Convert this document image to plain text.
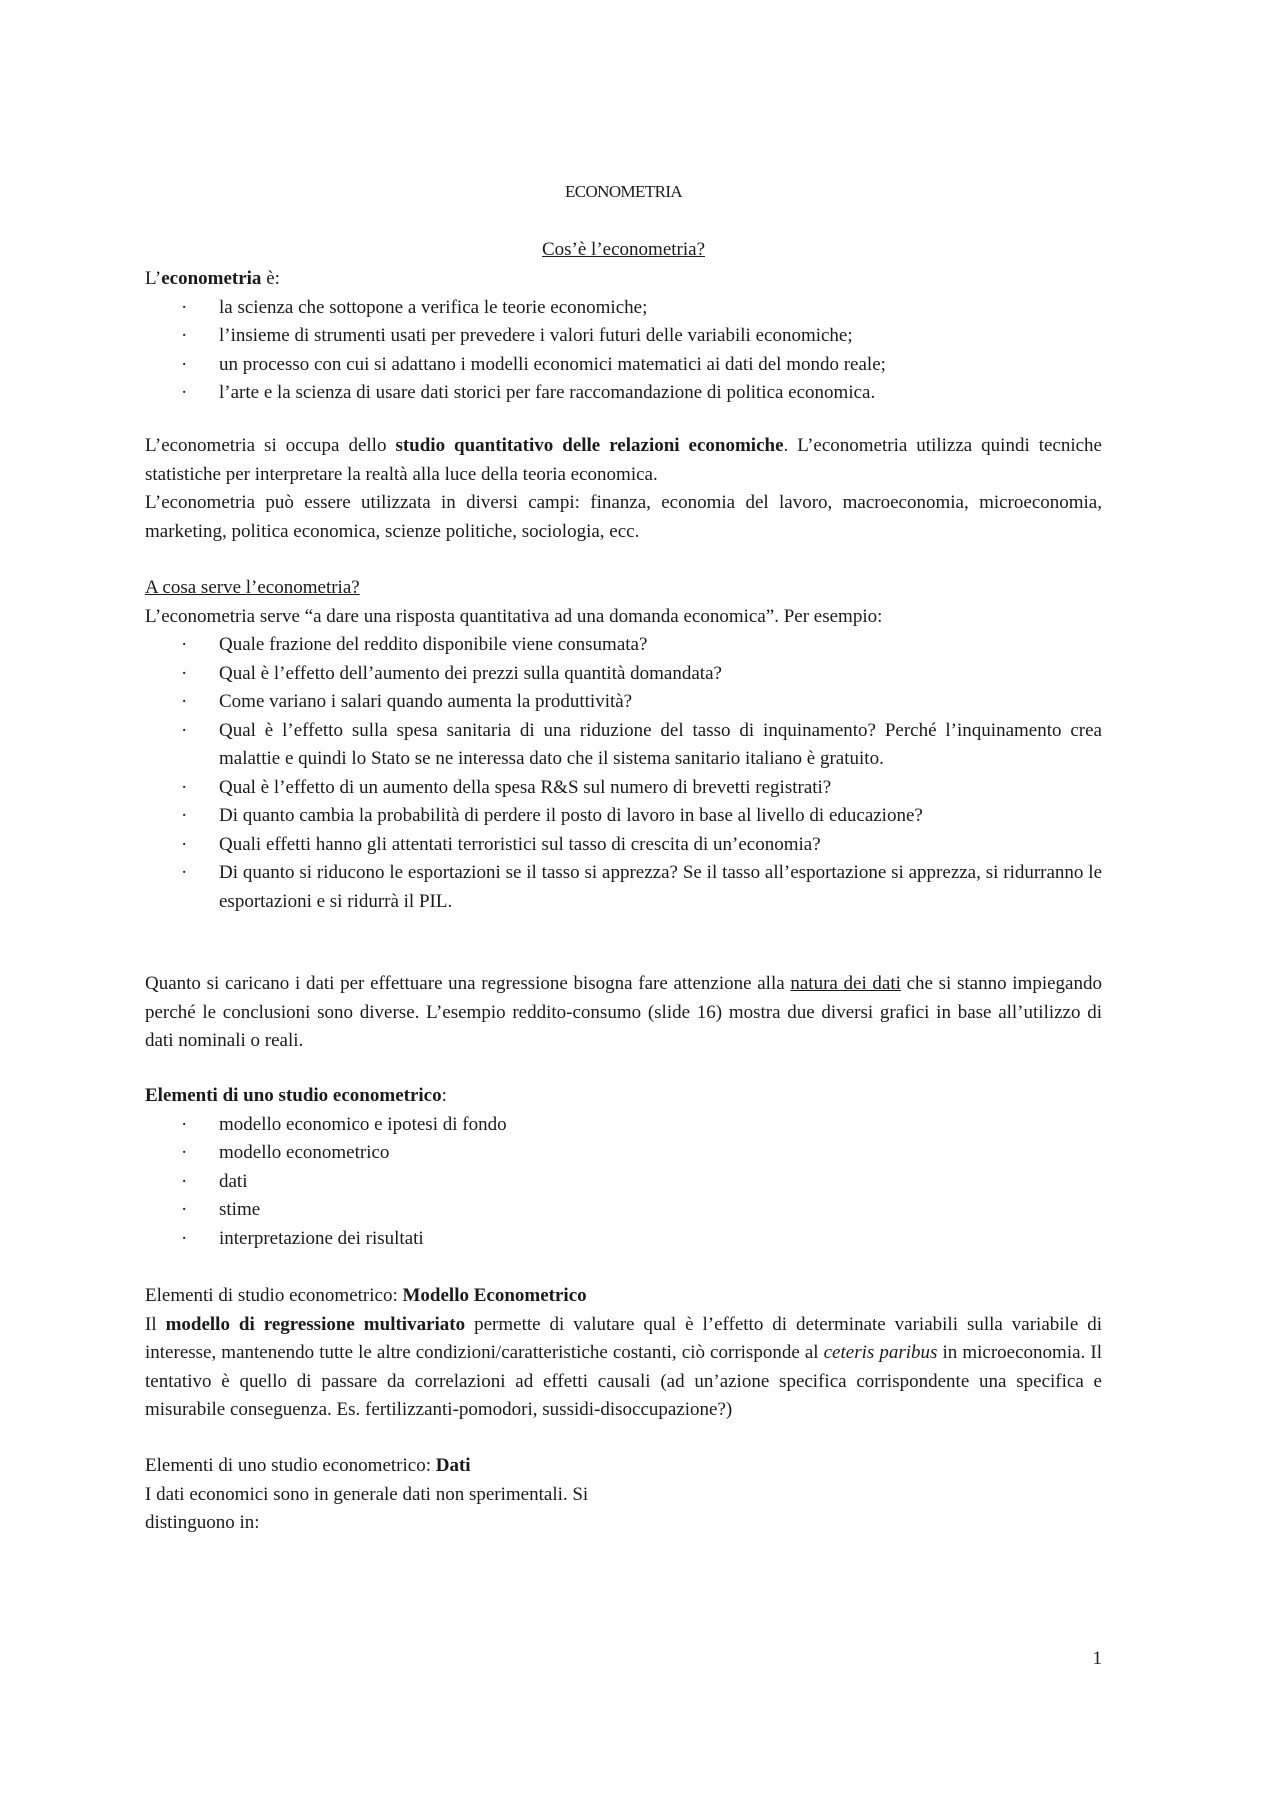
ECONOMETRIA
Cos’è l’econometria?
L’econometria è:
· la scienza che sottopone a verifica le teorie economiche;
· l’insieme di strumenti usati per prevedere i valori futuri delle variabili economiche;
· un processo con cui si adattano i modelli economici matematici ai dati del mondo reale;
· l’arte e la scienza di usare dati storici per fare raccomandazione di politica economica.
L’econometria si occupa dello studio quantitativo delle relazioni economiche. L’econometria utilizza quindi tecniche statistiche per interpretare la realtà alla luce della teoria economica.
L’econometria può essere utilizzata in diversi campi: finanza, economia del lavoro, macroeconomia, microeconomia, marketing, politica economica, scienze politiche, sociologia, ecc.
A cosa serve l’econometria?
L’econometria serve “a dare una risposta quantitativa ad una domanda economica”. Per esempio:
· Quale frazione del reddito disponibile viene consumata?
· Qual è l’effetto dell’aumento dei prezzi sulla quantità domandata?
· Come variano i salari quando aumenta la produttività?
· Qual è l’effetto sulla spesa sanitaria di una riduzione del tasso di inquinamento? Perché l’inquinamento crea malattie e quindi lo Stato se ne interessa dato che il sistema sanitario italiano è gratuito.
· Qual è l’effetto di un aumento della spesa R&S sul numero di brevetti registrati?
· Di quanto cambia la probabilità di perdere il posto di lavoro in base al livello di educazione?
· Quali effetti hanno gli attentati terroristici sul tasso di crescita di un’economia?
· Di quanto si riducono le esportazioni se il tasso si apprezza? Se il tasso all’esportazione si apprezza, si ridurranno le esportazioni e si ridurrà il PIL.
Quanto si caricano i dati per effettuare una regressione bisogna fare attenzione alla natura dei dati che si stanno impiegando perché le conclusioni sono diverse. L’esempio reddito-consumo (slide 16) mostra due diversi grafici in base all’utilizzo di dati nominali o reali.
Elementi di uno studio econometrico:
· modello economico e ipotesi di fondo
· modello econometrico
· dati
· stime
· interpretazione dei risultati
Elementi di studio econometrico: Modello Econometrico
Il modello di regressione multivariato permette di valutare qual è l’effetto di determinate variabili sulla variabile di interesse, mantenendo tutte le altre condizioni/caratteristiche costanti, ciò corrisponde al ceteris paribus in microeconomia. Il tentativo è quello di passare da correlazioni ad effetti causali (ad un’azione specifica corrispondente una specifica e misurabile conseguenza. Es. fertilizzanti-pomodori, sussidi-disoccupazione?)
Elementi di uno studio econometrico: Dati
I dati economici sono in generale dati non sperimentali. Si
distinguono in:
1
